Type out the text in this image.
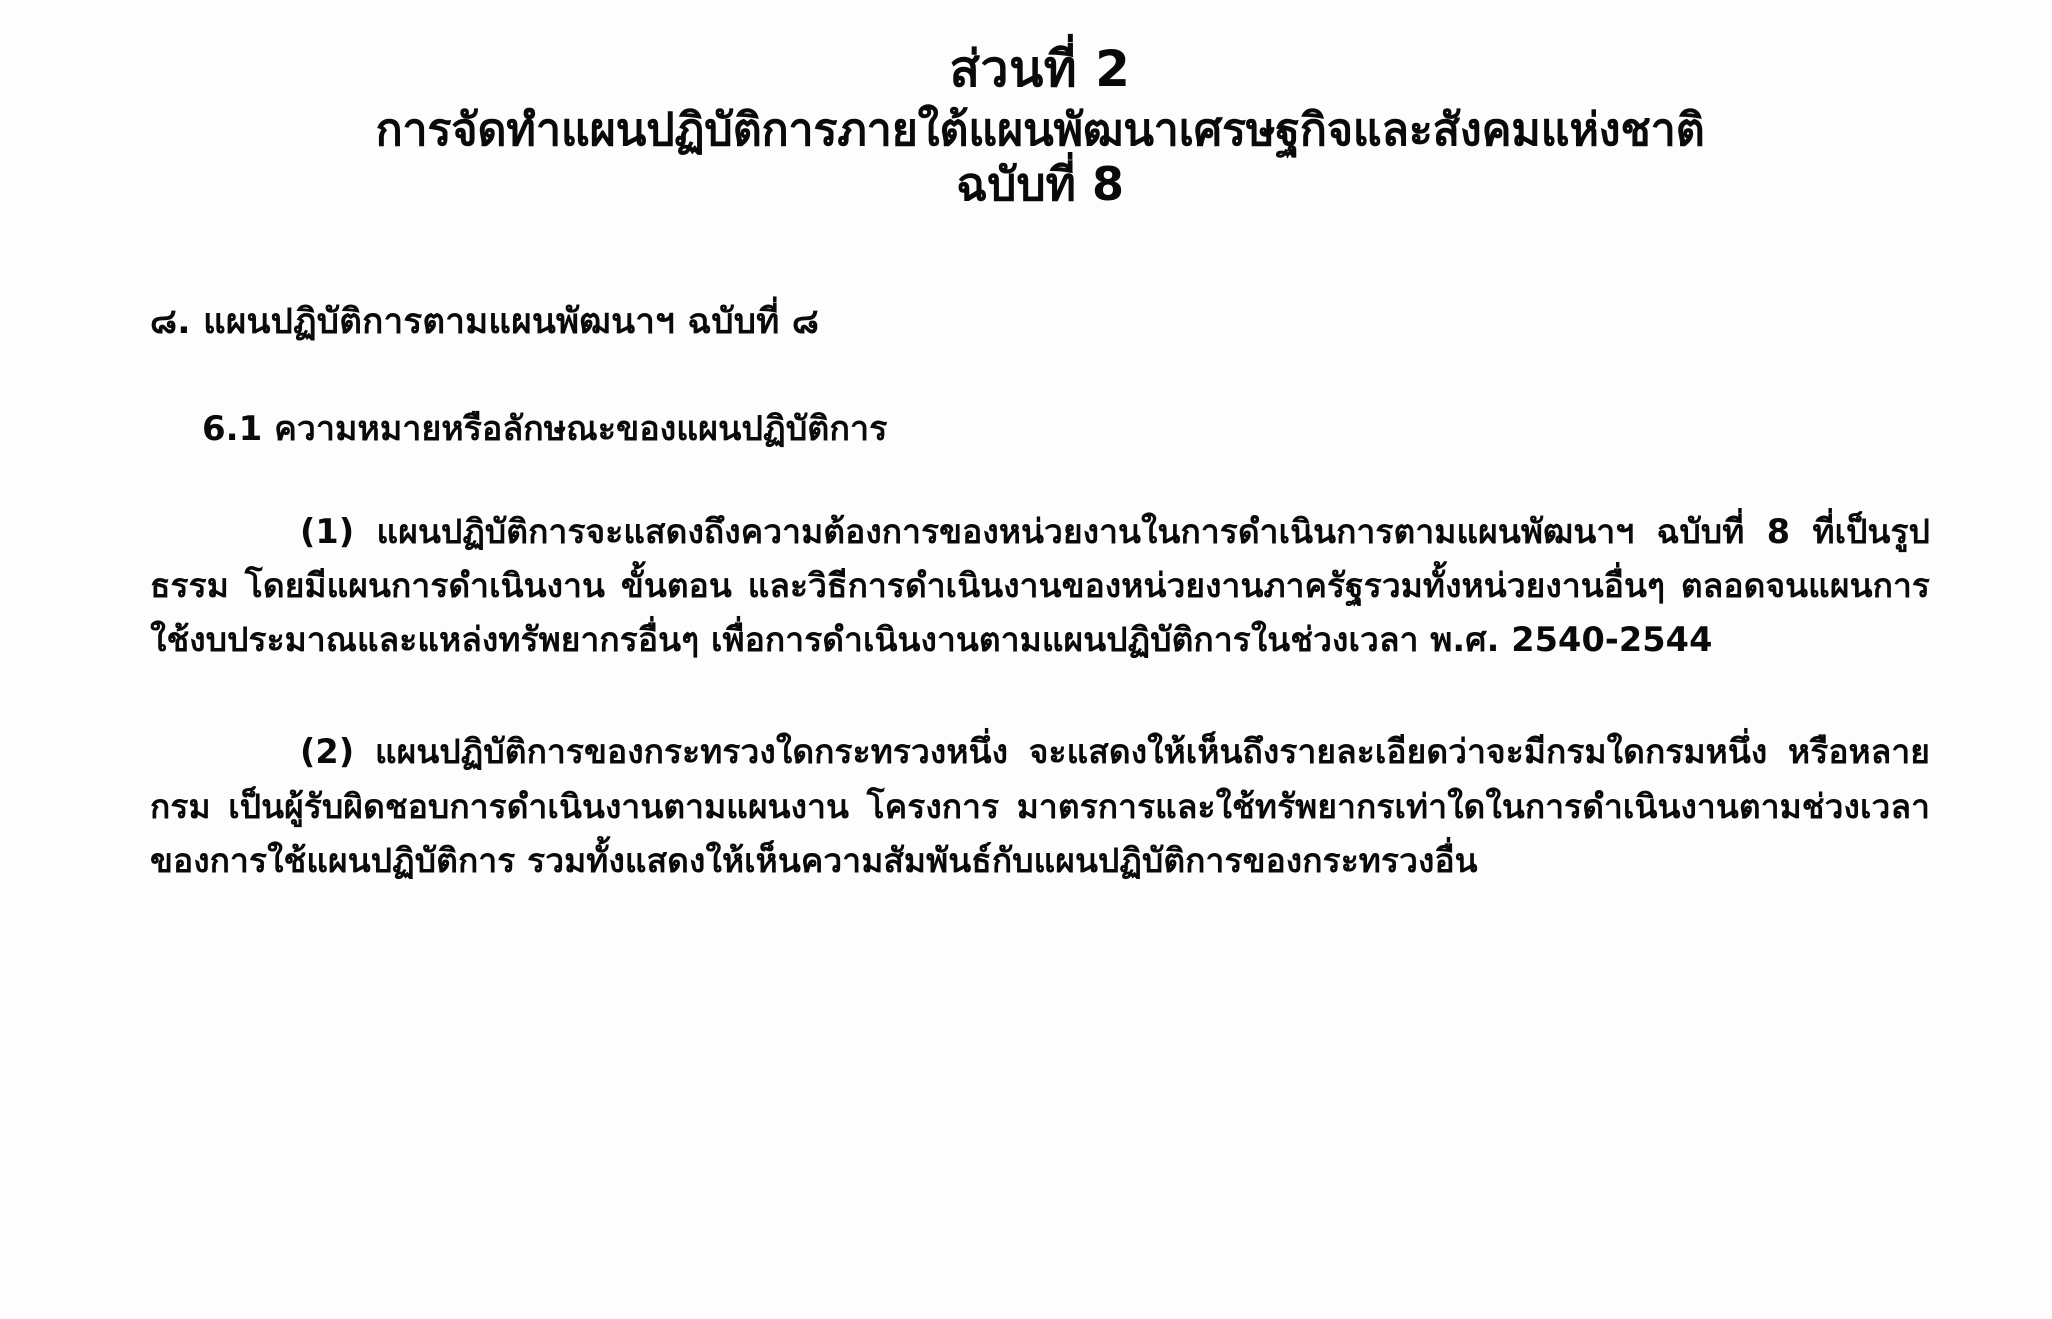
ส่วนที่ 2
การจัดทำแผนปฏิบัติการภายใต้แผนพัฒนาเศรษฐกิจและสังคมแห่งชาติ
ฉบับที่ 8
๘. แผนปฏิบัติการตามแผนพัฒนาฯ ฉบับที่ ๘
6.1 ความหมายหรือลักษณะของแผนปฏิบัติการ

(1) แผนปฏิบัติการจะแสดงถึงความต้องการของหน่วยงานในการดำเนินการตามแผนพัฒนาฯ ฉบับที่ 8 ที่เป็นรูปธรรม โดยมีแผนการดำเนินงาน ขั้นตอน และวิธีการดำเนินงานของหน่วยงานภาครัฐรวมทั้งหน่วยงานอื่นๆ ตลอดจนแผนการใช้งบประมาณและแหล่งทรัพยากรอื่นๆ เพื่อการดำเนินงานตามแผนปฏิบัติการในช่วงเวลา พ.ศ. 2540-2544

(2) แผนปฏิบัติการของกระทรวงใดกระทรวงหนึ่ง จะแสดงให้เห็นถึงรายละเอียดว่าจะมีกรมใดกรมหนึ่ง หรือหลายกรม เป็นผู้รับผิดชอบการดำเนินงานตามแผนงาน โครงการ มาตรการและใช้ทรัพยากรเท่าใดในการดำเนินงานตามช่วงเวลาของการใช้แผนปฏิบัติการ รวมทั้งแสดงให้เห็นความสัมพันธ์กับแผนปฏิบัติการของกระทรวงอื่น
